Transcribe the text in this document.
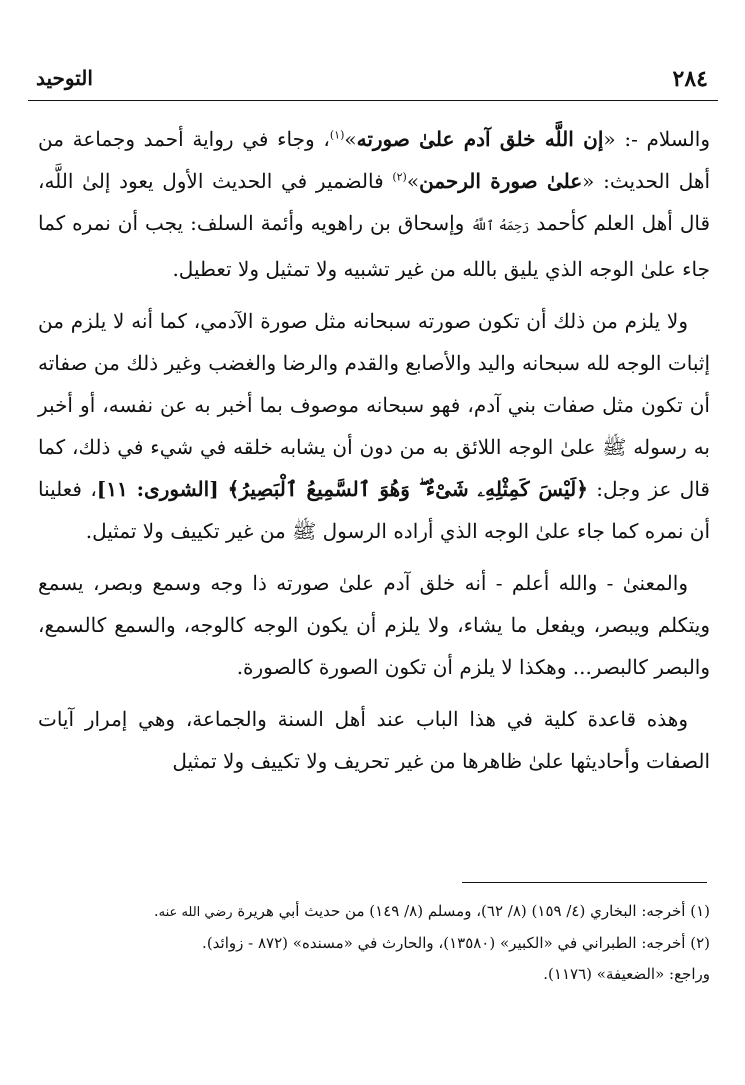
٢٨٤
التوحيد

والسلام -: «إن اللَّه خلق آدم علىٰ صورته»$^{(١)}$، وجاء في رواية أحمد وجماعة من أهل الحديث: «علىٰ صورة الرحمن»$^{(٢)}$ فالضمير في الحديث الأول يعود إلىٰ اللَّه، قال أهل العلم كأحمد رَحِمَهُ ٱللَّهُ وإسحاق بن راهويه وأئمة السلف: يجب أن نمره كما جاء علىٰ الوجه الذي يليق بالله من غير تشبيه ولا تمثيل ولا تعطيل.

ولا يلزم من ذلك أن تكون صورته سبحانه مثل صورة الآدمي، كما أنه لا يلزم من إثبات الوجه لله سبحانه واليد والأصابع والقدم والرضا والغضب وغير ذلك من صفاته أن تكون مثل صفات بني آدم، فهو سبحانه موصوف بما أخبر به عن نفسه، أو أخبر به رسوله ﷺ علىٰ الوجه اللائق به من دون أن يشابه خلقه في شيء في ذلك، كما قال عز وجل: ﴿لَيْسَ كَمِثْلِهِۦ شَىْءٌ ۖ وَهُوَ ٱلسَّمِيعُ ٱلْبَصِيرُ﴾ [الشورى: ١١]، فعلينا أن نمره كما جاء علىٰ الوجه الذي أراده الرسول ﷺ من غير تكييف ولا تمثيل.

والمعنىٰ - والله أعلم - أنه خلق آدم علىٰ صورته ذا وجه وسمع وبصر، يسمع ويتكلم ويبصر، ويفعل ما يشاء، ولا يلزم أن يكون الوجه كالوجه، والسمع كالسمع، والبصر كالبصر... وهكذا لا يلزم أن تكون الصورة كالصورة.

وهذه قاعدة كلية في هذا الباب عند أهل السنة والجماعة، وهي إمرار آيات الصفات وأحاديثها علىٰ ظاهرها من غير تحريف ولا تكييف ولا تمثيل

(١) أخرجه: البخاري (٤/ ١٥٩) (٨/ ٦٢)، ومسلم (٨/ ١٤٩) من حديث أبي هريرة رضي الله عنه.

(٢) أخرجه: الطبراني في «الكبير» (١٣٥٨٠)، والحارث في «مسنده» (٨٧٢ - زوائد).

وراجع: «الضعيفة» (١١٧٦).
